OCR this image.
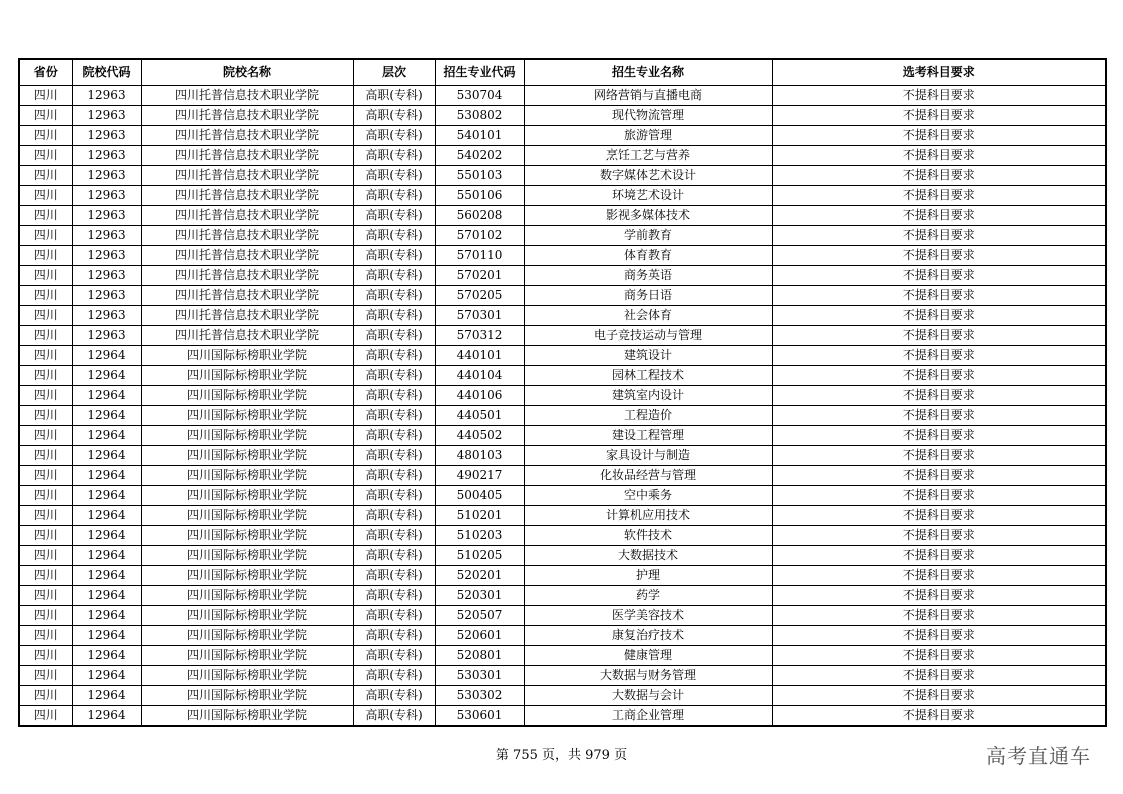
省份	院校代码	院校名称	层次	招生专业代码	招生专业名称	选考科目要求
四川	12963	四川托普信息技术职业学院	高职(专科)	530704	网络营销与直播电商	不提科目要求
四川	12963	四川托普信息技术职业学院	高职(专科)	530802	现代物流管理	不提科目要求
四川	12963	四川托普信息技术职业学院	高职(专科)	540101	旅游管理	不提科目要求
四川	12963	四川托普信息技术职业学院	高职(专科)	540202	烹饪工艺与营养	不提科目要求
四川	12963	四川托普信息技术职业学院	高职(专科)	550103	数字媒体艺术设计	不提科目要求
四川	12963	四川托普信息技术职业学院	高职(专科)	550106	环境艺术设计	不提科目要求
四川	12963	四川托普信息技术职业学院	高职(专科)	560208	影视多媒体技术	不提科目要求
四川	12963	四川托普信息技术职业学院	高职(专科)	570102	学前教育	不提科目要求
四川	12963	四川托普信息技术职业学院	高职(专科)	570110	体育教育	不提科目要求
四川	12963	四川托普信息技术职业学院	高职(专科)	570201	商务英语	不提科目要求
四川	12963	四川托普信息技术职业学院	高职(专科)	570205	商务日语	不提科目要求
四川	12963	四川托普信息技术职业学院	高职(专科)	570301	社会体育	不提科目要求
四川	12963	四川托普信息技术职业学院	高职(专科)	570312	电子竞技运动与管理	不提科目要求
四川	12964	四川国际标榜职业学院	高职(专科)	440101	建筑设计	不提科目要求
四川	12964	四川国际标榜职业学院	高职(专科)	440104	园林工程技术	不提科目要求
四川	12964	四川国际标榜职业学院	高职(专科)	440106	建筑室内设计	不提科目要求
四川	12964	四川国际标榜职业学院	高职(专科)	440501	工程造价	不提科目要求
四川	12964	四川国际标榜职业学院	高职(专科)	440502	建设工程管理	不提科目要求
四川	12964	四川国际标榜职业学院	高职(专科)	480103	家具设计与制造	不提科目要求
四川	12964	四川国际标榜职业学院	高职(专科)	490217	化妆品经营与管理	不提科目要求
四川	12964	四川国际标榜职业学院	高职(专科)	500405	空中乘务	不提科目要求
四川	12964	四川国际标榜职业学院	高职(专科)	510201	计算机应用技术	不提科目要求
四川	12964	四川国际标榜职业学院	高职(专科)	510203	软件技术	不提科目要求
四川	12964	四川国际标榜职业学院	高职(专科)	510205	大数据技术	不提科目要求
四川	12964	四川国际标榜职业学院	高职(专科)	520201	护理	不提科目要求
四川	12964	四川国际标榜职业学院	高职(专科)	520301	药学	不提科目要求
四川	12964	四川国际标榜职业学院	高职(专科)	520507	医学美容技术	不提科目要求
四川	12964	四川国际标榜职业学院	高职(专科)	520601	康复治疗技术	不提科目要求
四川	12964	四川国际标榜职业学院	高职(专科)	520801	健康管理	不提科目要求
四川	12964	四川国际标榜职业学院	高职(专科)	530301	大数据与财务管理	不提科目要求
四川	12964	四川国际标榜职业学院	高职(专科)	530302	大数据与会计	不提科目要求
四川	12964	四川国际标榜职业学院	高职(专科)	530601	工商企业管理	不提科目要求
第 755 页，共 979 页	高考直通车
